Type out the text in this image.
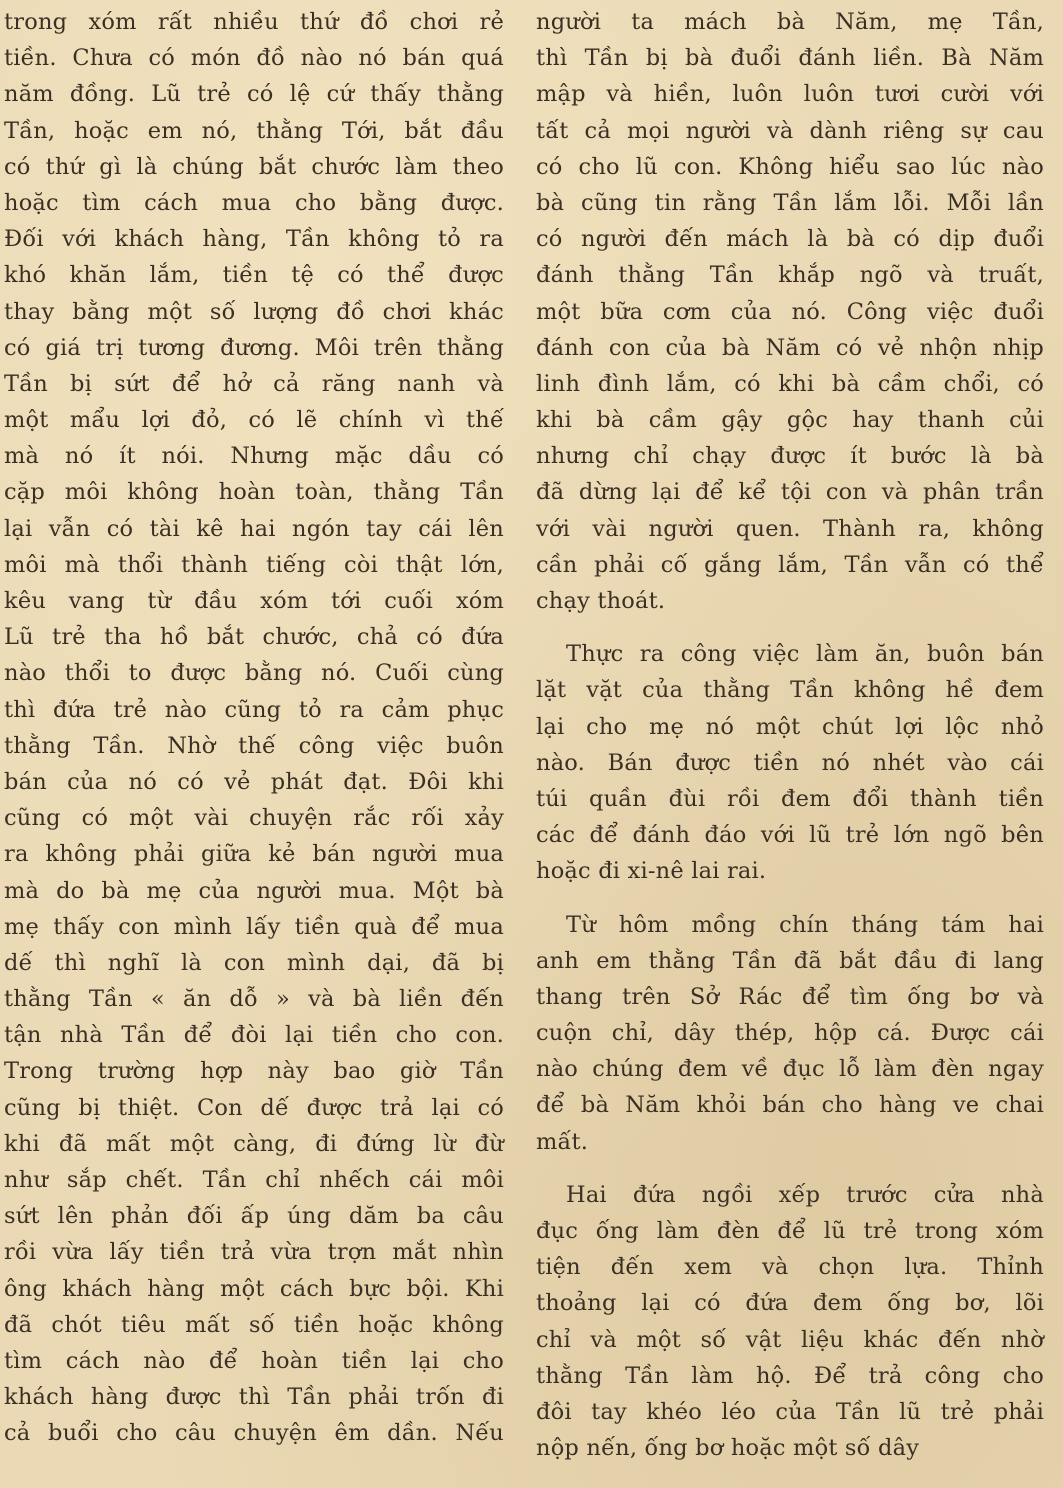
trong xóm rất nhiều thứ đồ chơi rẻ
tiền. Chưa có món đồ nào nó bán quá
năm đồng. Lũ trẻ có lệ cứ thấy thằng
Tần, hoặc em nó, thằng Tới, bắt đầu
có thứ gì là chúng bắt chước làm theo
hoặc tìm cách mua cho bằng được.
Đối với khách hàng, Tần không tỏ ra
khó khăn lắm, tiền tệ có thể được
thay bằng một số lượng đồ chơi khác
có giá trị tương đương. Môi trên thằng
Tần bị sứt để hở cả răng nanh và
một mẩu lợi đỏ, có lẽ chính vì thế
mà nó ít nói. Nhưng mặc dầu có
cặp môi không hoàn toàn, thằng Tần
lại vẫn có tài kê hai ngón tay cái lên
môi mà thổi thành tiếng còi thật lớn,
kêu vang từ đầu xóm tới cuối xóm
Lũ trẻ tha hồ bắt chước, chả có đứa
nào thổi to được bằng nó. Cuối cùng
thì đứa trẻ nào cũng tỏ ra cảm phục
thằng Tần. Nhờ thế công việc buôn
bán của nó có vẻ phát đạt. Đôi khi
cũng có một vài chuyện rắc rối xảy
ra không phải giữa kẻ bán người mua
mà do bà mẹ của người mua. Một bà
mẹ thấy con mình lấy tiền quà để mua
dế thì nghĩ là con mình dại, đã bị
thằng Tần « ăn dỗ » và bà liền đến
tận nhà Tần để đòi lại tiền cho con.
Trong trường hợp này bao giờ Tần
cũng bị thiệt. Con dế được trả lại có
khi đã mất một càng, đi đứng lừ đừ
như sắp chết. Tần chỉ nhếch cái môi
sứt lên phản đối ấp úng dăm ba câu
rồi vừa lấy tiền trả vừa trợn mắt nhìn
ông khách hàng một cách bực bội. Khi
đã chót tiêu mất số tiền hoặc không
tìm cách nào để hoàn tiền lại cho
khách hàng được thì Tần phải trốn đi
cả buổi cho câu chuyện êm dần. Nếu
người ta mách bà Năm, mẹ Tần,
thì Tần bị bà đuổi đánh liền. Bà Năm
mập và hiền, luôn luôn tươi cười với
tất cả mọi người và dành riêng sự cau
có cho lũ con. Không hiểu sao lúc nào
bà cũng tin rằng Tần lắm lỗi. Mỗi lần
có người đến mách là bà có dịp đuổi
đánh thằng Tần khắp ngõ và truất,
một bữa cơm của nó. Công việc đuổi
đánh con của bà Năm có vẻ nhộn nhịp
linh đình lắm, có khi bà cầm chổi, có
khi bà cầm gậy gộc hay thanh củi
nhưng chỉ chạy được ít bước là bà
đã dừng lại để kể tội con và phân trần
với vài người quen. Thành ra, không
cần phải cố gắng lắm, Tần vẫn có thể
chạy thoát.
Thực ra công việc làm ăn, buôn bán
lặt vặt của thằng Tần không hề đem
lại cho mẹ nó một chút lợi lộc nhỏ
nào. Bán được tiền nó nhét vào cái
túi quần đùi rồi đem đổi thành tiền
các để đánh đáo với lũ trẻ lớn ngõ bên
hoặc đi xi-nê lai rai.
Từ hôm mồng chín tháng tám hai
anh em thằng Tần đã bắt đầu đi lang
thang trên Sở Rác để tìm ống bơ và
cuộn chỉ, dây thép, hộp cá. Được cái
nào chúng đem về đục lỗ làm đèn ngay
để bà Năm khỏi bán cho hàng ve chai
mất.
Hai đứa ngồi xếp trước cửa nhà
đục ống làm đèn để lũ trẻ trong xóm
tiện đến xem và chọn lựa. Thỉnh
thoảng lại có đứa đem ống bơ, lõi
chỉ và một số vật liệu khác đến nhờ
thằng Tần làm hộ. Để trả công cho
đôi tay khéo léo của Tần lũ trẻ phải
nộp nến, ống bơ hoặc một số dây
